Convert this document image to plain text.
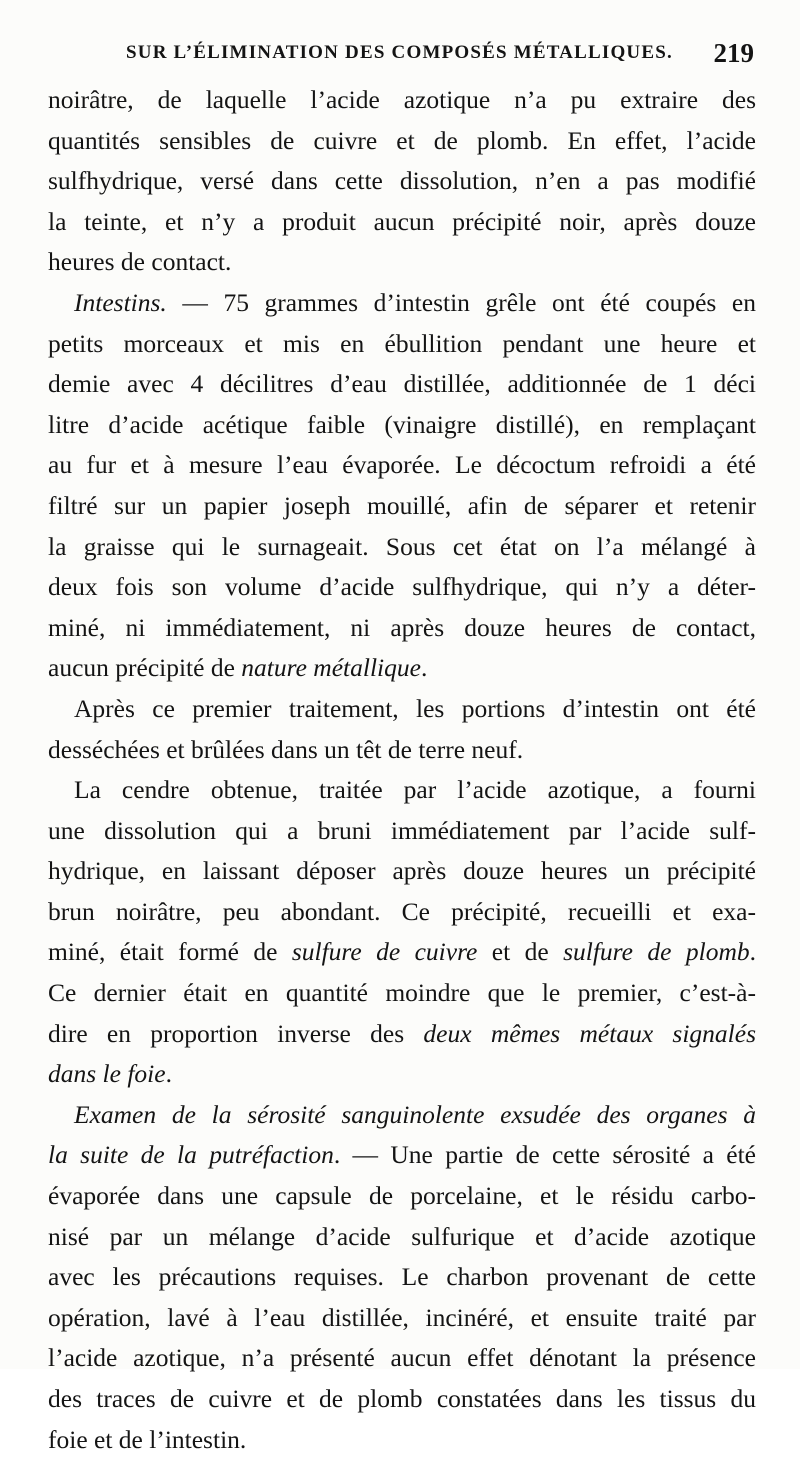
SUR L’ÉLIMINATION DES COMPOSÉS MÉTALLIQUES. 219
noirâtre, de laquelle l’acide azotique n’a pu extraire des
quantités sensibles de cuivre et de plomb. En effet, l’acide
sulfhydrique, versé dans cette dissolution, n’en a pas modifié
la teinte, et n’y a produit aucun précipité noir, après douze
heures de contact.
Intestins. — 75 grammes d’intestin grêle ont été coupés en
petits morceaux et mis en ébullition pendant une heure et
demie avec 4 décilitres d’eau distillée, additionnée de 1 déci
litre d’acide acétique faible (vinaigre distillé), en remplaçant
au fur et à mesure l’eau évaporée. Le décoctum refroidi a été
filtré sur un papier joseph mouillé, afin de séparer et retenir
la graisse qui le surnageait. Sous cet état on l’a mélangé à
deux fois son volume d’acide sulfhydrique, qui n’y a déter-
miné, ni immédiatement, ni après douze heures de contact,
aucun précipité de nature métallique.
Après ce premier traitement, les portions d’intestin ont été
desséchées et brûlées dans un têt de terre neuf.
La cendre obtenue, traitée par l’acide azotique, a fourni
une dissolution qui a bruni immédiatement par l’acide sulf-
hydrique, en laissant déposer après douze heures un précipité
brun noirâtre, peu abondant. Ce précipité, recueilli et exa-
miné, était formé de sulfure de cuivre et de sulfure de plomb.
Ce dernier était en quantité moindre que le premier, c’est-à-
dire en proportion inverse des deux mêmes métaux signalés
dans le foie.
Examen de la sérosité sanguinolente exsudée des organes à
la suite de la putréfaction. — Une partie de cette sérosité a été
évaporée dans une capsule de porcelaine, et le résidu carbo-
nisé par un mélange d’acide sulfurique et d’acide azotique
avec les précautions requises. Le charbon provenant de cette
opération, lavé à l’eau distillée, incinéré, et ensuite traité par
l’acide azotique, n’a présenté aucun effet dénotant la présence
des traces de cuivre et de plomb constatées dans les tissus du
foie et de l’intestin.
